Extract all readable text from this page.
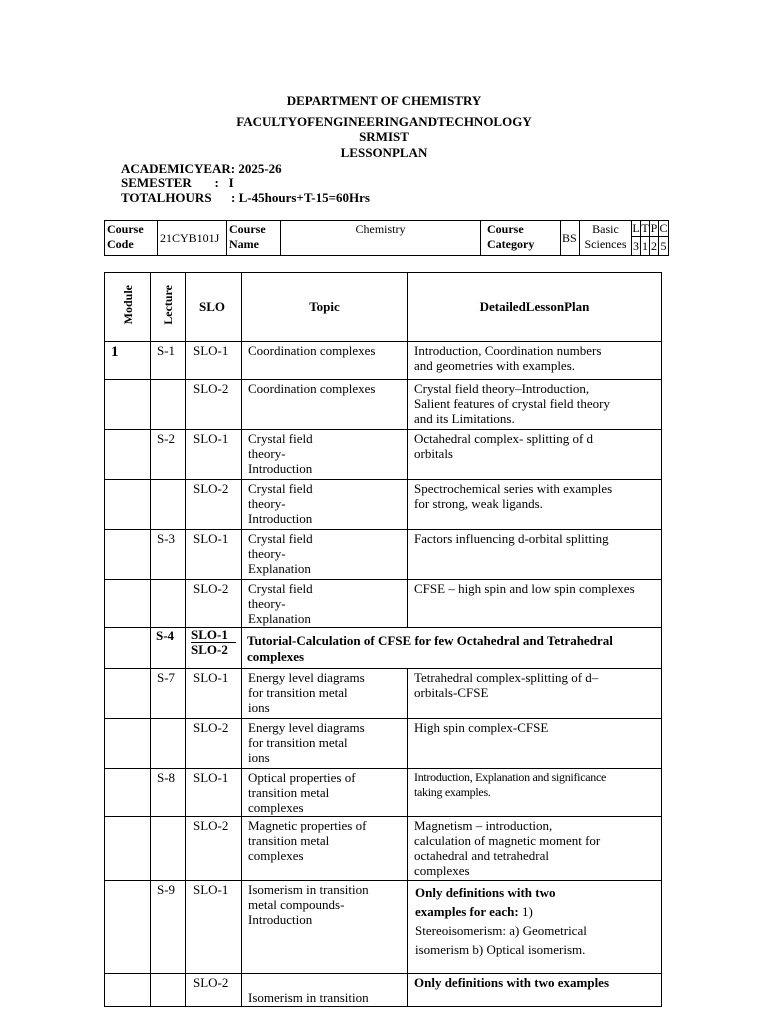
DEPARTMENT OF CHEMISTRY
FACULTYOFENGINEERINGANDTECHNOLOGY
SRMIST
LESSONPLAN
ACADEMICYEAR: 2025-26
SEMESTER       :   I
TOTALHOURS      : L-45hours+T-15=60Hrs
Course Code	21CYB101J	Course Name	Chemistry	Course Category	BS	Basic Sciences	L	T	P	C
							3	1	2	5
Module	Lecture	SLO	Topic	DetailedLessonPlan
1	S-1	SLO-1	Coordination complexes	Introduction, Coordination numbers
and geometries with examples.
		SLO-2	Coordination complexes	Crystal field theory–Introduction,
Salient features of crystal field theory
and its Limitations.
	S-2	SLO-1	Crystal field
theory-
Introduction	Octahedral complex- splitting of d
orbitals
		SLO-2	Crystal field
theory-
Introduction	Spectrochemical series with examples
for strong, weak ligands.
	S-3	SLO-1	Crystal field
theory-
Explanation	Factors influencing d-orbital splitting
		SLO-2	Crystal field
theory-
Explanation	CFSE – high spin and low spin complexes
	S-4	SLO-1
SLO-2	Tutorial-Calculation of CFSE for few Octahedral and Tetrahedral complexes	
	S-7	SLO-1	Energy level diagrams
for transition metal
ions	Tetrahedral complex-splitting of d–
orbitals-CFSE
		SLO-2	Energy level diagrams
for transition metal
ions	High spin complex-CFSE
	S-8	SLO-1	Optical properties of
transition metal
complexes	Introduction, Explanation and significance
taking examples.
		SLO-2	Magnetic properties of
transition metal
complexes	Magnetism – introduction,
calculation of magnetic moment for
octahedral and tetrahedral
complexes
	S-9	SLO-1	Isomerism in transition
metal compounds-
Introduction	Only definitions with two
examples for each: 1)
Stereoisomerism: a) Geometrical
isomerism b) Optical isomerism.

		SLO-2	
Isomerism in transition	Only definitions with two examples
